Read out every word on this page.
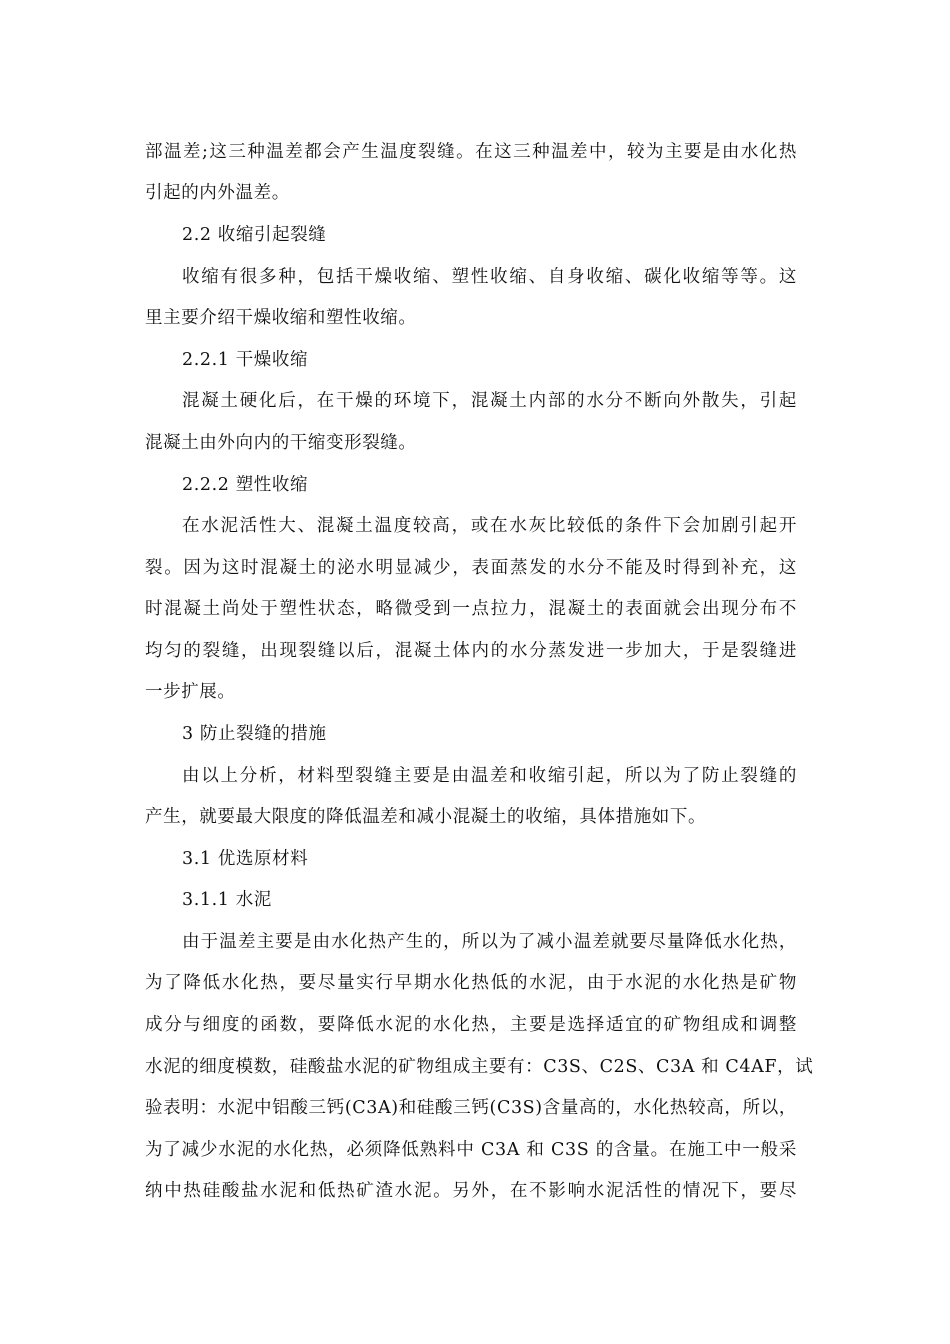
部温差;这三种温差都会产生温度裂缝。在这三种温差中，较为主要是由水化热
引起的内外温差。
2.2 收缩引起裂缝
收缩有很多种，包括干燥收缩、塑性收缩、自身收缩、碳化收缩等等。这
里主要介绍干燥收缩和塑性收缩。
2.2.1 干燥收缩
混凝土硬化后，在干燥的环境下，混凝土内部的水分不断向外散失，引起
混凝土由外向内的干缩变形裂缝。
2.2.2 塑性收缩
在水泥活性大、混凝土温度较高，或在水灰比较低的条件下会加剧引起开
裂。因为这时混凝土的泌水明显减少，表面蒸发的水分不能及时得到补充，这
时混凝土尚处于塑性状态，略微受到一点拉力，混凝土的表面就会出现分布不
均匀的裂缝，出现裂缝以后，混凝土体内的水分蒸发进一步加大，于是裂缝进
一步扩展。
3 防止裂缝的措施
由以上分析，材料型裂缝主要是由温差和收缩引起，所以为了防止裂缝的
产生，就要最大限度的降低温差和减小混凝土的收缩，具体措施如下。
3.1 优选原材料
3.1.1 水泥
由于温差主要是由水化热产生的，所以为了减小温差就要尽量降低水化热，
为了降低水化热，要尽量实行早期水化热低的水泥，由于水泥的水化热是矿物
成分与细度的函数，要降低水泥的水化热，主要是选择适宜的矿物组成和调整
水泥的细度模数，硅酸盐水泥的矿物组成主要有：C3S、C2S、C3A 和 C4AF，试
验表明：水泥中铝酸三钙(C3A)和硅酸三钙(C3S)含量高的，水化热较高，所以，
为了减少水泥的水化热，必须降低熟料中 C3A 和 C3S 的含量。在施工中一般采
纳中热硅酸盐水泥和低热矿渣水泥。另外，在不影响水泥活性的情况下，要尽
